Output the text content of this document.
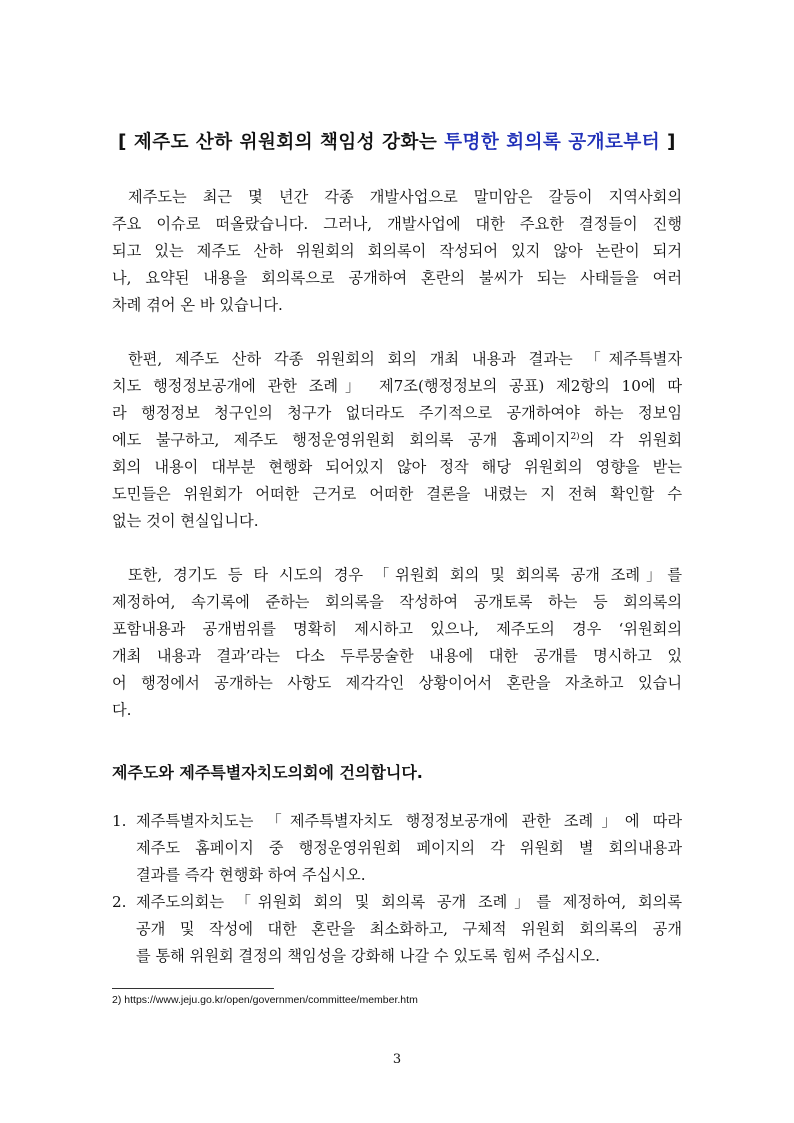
[ 제주도 산하 위원회의 책임성 강화는 투명한 회의록 공개로부터 ]
제주도는 최근 몇 년간 각종 개발사업으로 말미암은 갈등이 지역사회의
주요 이슈로 떠올랐습니다. 그러나, 개발사업에 대한 주요한 결정들이 진행
되고 있는 제주도 산하 위원회의 회의록이 작성되어 있지 않아 논란이 되거
나, 요약된 내용을 회의록으로 공개하여 혼란의 불씨가 되는 사태들을 여러
차례 겪어 온 바 있습니다.
한편, 제주도 산하 각종 위원회의 회의 개최 내용과 결과는 「제주특별자
치도 행정정보공개에 관한 조례」 제7조(행정정보의 공표) 제2항의 10에 따
라 행정정보 청구인의 청구가 없더라도 주기적으로 공개하여야 하는 정보임
에도 불구하고, 제주도 행정운영위원회 회의록 공개 홈페이지$^{2)}$의 각 위원회
회의 내용이 대부분 현행화 되어있지 않아 정작 해당 위원회의 영향을 받는
도민들은 위원회가 어떠한 근거로 어떠한 결론을 내렸는 지 전혀 확인할 수
없는 것이 현실입니다.
또한, 경기도 등 타 시도의 경우 「위원회 회의 및 회의록 공개 조례」를
제정하여, 속기록에 준하는 회의록을 작성하여 공개토록 하는 등 회의록의
포함내용과 공개범위를 명확히 제시하고 있으나, 제주도의 경우 ‘위원회의
개최 내용과 결과’라는 다소 두루뭉술한 내용에 대한 공개를 명시하고 있
어 행정에서 공개하는 사항도 제각각인 상황이어서 혼란을 자초하고 있습니
다.
제주도와 제주특별자치도의회에 건의합니다.
1. 제주특별자치도는 「제주특별자치도 행정정보공개에 관한 조례」에 따라
제주도 홈페이지 중 행정운영위원회 페이지의 각 위원회 별 회의내용과
결과를 즉각 현행화 하여 주십시오.
2. 제주도의회는 「위원회 회의 및 회의록 공개 조례」를 제정하여, 회의록
공개 및 작성에 대한 혼란을 최소화하고, 구체적 위원회 회의록의 공개
를 통해 위원회 결정의 책임성을 강화해 나갈 수 있도록 힘써 주십시오.
2) https://www.jeju.go.kr/open/governmen/committee/member.htm
3
